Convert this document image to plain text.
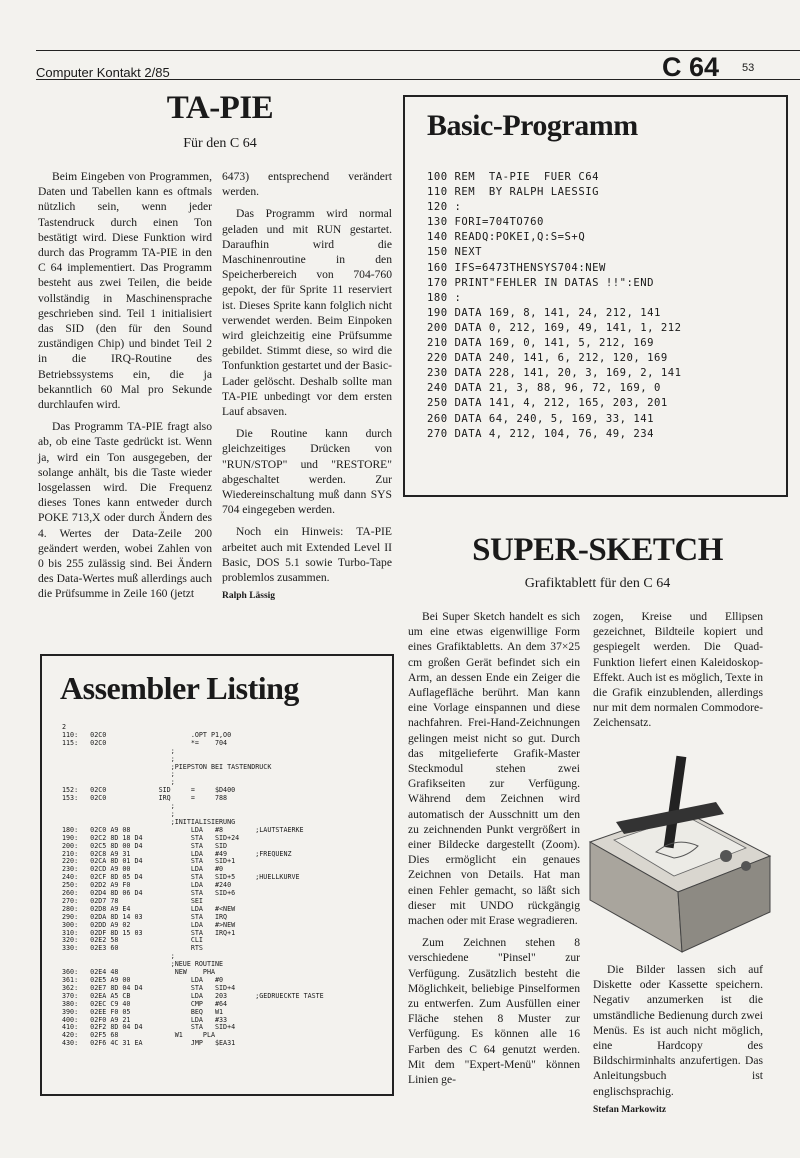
Computer Kontakt 2/85	C 64 53
TA-PIE
Für den C 64

Beim Eingeben von Programmen, Daten und Tabellen kann es oftmals nützlich sein, wenn jeder Tastendruck durch einen Ton bestätigt wird. Diese Funktion wird durch das Programm TA-PIE in den C 64 implementiert. Das Programm besteht aus zwei Teilen, die beide vollständig in Maschinensprache geschrieben sind. Teil 1 initialisiert das SID (den für den Sound zuständigen Chip) und bindet Teil 2 in die IRQ-Routine des Betriebssystems ein, die ja bekanntlich 60 Mal pro Sekunde durchlaufen wird.

Das Programm TA-PIE fragt also ab, ob eine Taste gedrückt ist. Wenn ja, wird ein Ton ausgegeben, der solange anhält, bis die Taste wieder losgelassen wird. Die Frequenz dieses Tones kann entweder durch POKE 713,X oder durch Ändern des 4. Wertes der Data-Zeile 200 geändert werden, wobei Zahlen von 0 bis 255 zulässig sind. Bei Ändern des Data-Wertes muß allerdings auch die Prüfsumme in Zeile 160 (jetzt

6473) entsprechend verändert werden.

Das Programm wird normal geladen und mit RUN gestartet. Daraufhin wird die Maschinenroutine in den Speicherbereich von 704-760 gepokt, der für Sprite 11 reserviert ist. Dieses Sprite kann folglich nicht verwendet werden. Beim Einpoken wird gleichzeitig eine Prüfsumme gebildet. Stimmt diese, so wird die Tonfunktion gestartet und der Basic-Lader gelöscht. Deshalb sollte man TA-PIE unbedingt vor dem ersten Lauf absaven.

Die Routine kann durch gleichzeitiges Drücken von "RUN/STOP" und "RESTORE" abgeschaltet werden. Zur Wiedereinschaltung muß dann SYS 704 eingegeben werden.

Noch ein Hinweis: TA-PIE arbeitet auch mit Extended Level II Basic, DOS 5.1 sowie Turbo-Tape problemlos zusammen.

Ralph Lässig

Basic-Programm
100 REM  TA-PIE  FUER C64
110 REM  BY RALPH LAESSIG
120 :
130 FORI=704TO760
140 READQ:POKEI,Q:S=S+Q
150 NEXT
160 IFS=6473THENSYS704:NEW
170 PRINT"FEHLER IN DATAS !!":END
180 :
190 DATA 169, 8, 141, 24, 212, 141
200 DATA 0, 212, 169, 49, 141, 1, 212
210 DATA 169, 0, 141, 5, 212, 169
220 DATA 240, 141, 6, 212, 120, 169
230 DATA 228, 141, 20, 3, 169, 2, 141
240 DATA 21, 3, 88, 96, 72, 169, 0
250 DATA 141, 4, 212, 165, 203, 201
260 DATA 64, 240, 5, 169, 33, 141
270 DATA 4, 212, 104, 76, 49, 234
SUPER-SKETCH
Grafiktablett für den C 64

Bei Super Sketch handelt es sich um eine etwas eigenwillige Form eines Grafiktabletts. An dem 37×25 cm großen Gerät befindet sich ein Arm, an dessen Ende ein Zeiger die Auflagefläche berührt. Man kann eine Vorlage einspannen und diese nachfahren. Frei-Hand-Zeichnungen gelingen meist nicht so gut. Durch das mitgelieferte Grafik-Master Steckmodul stehen zwei Grafikseiten zur Verfügung. Während dem Zeichnen wird automatisch der Ausschnitt um den zu zeichnenden Punkt vergrößert in einer Bildecke dargestellt (Zoom). Dies ermöglicht ein genaues Zeichnen von Details. Hat man einen Fehler gemacht, so läßt sich dieser mit UNDO rückgängig machen oder mit Erase wegradieren.

Zum Zeichnen stehen 8 verschiedene "Pinsel" zur Verfügung. Zusätzlich besteht die Möglichkeit, beliebige Pinselformen zu entwerfen. Zum Ausfüllen einer Fläche stehen 8 Muster zur Verfügung. Es können alle 16 Farben des C 64 genutzt werden. Mit dem "Expert-Menü" können Linien ge-

zogen, Kreise und Ellipsen gezeichnet, Bildteile kopiert und gespiegelt werden. Die Quad-Funktion liefert einen Kaleidoskop-Effekt. Auch ist es möglich, Texte in die Grafik einzublenden, allerdings nur mit dem normalen Commodore-Zeichensatz.

Die Bilder lassen sich auf Diskette oder Kassette speichern. Negativ anzumerken ist die umständliche Bedienung durch zwei Menüs. Es ist auch nicht möglich, eine Hardcopy des Bildschirminhalts anzufertigen. Das Anleitungsbuch ist englischsprachig.

Stefan Markowitz

Assembler Listing
2
110:   02C0                     .OPT P1,O0
115:   02C0                     *=    704
;
;
;PIEPSTON BEI TASTENDRUCK
;
;
152:   02C0             SID     =     $D400
153:   02C0             IRQ     =     788
;
;
;INITIALISIERUNG
180:   02C0 A9 08               LDA   #8        ;LAUTSTAERKE
190:   02C2 8D 18 D4            STA   SID+24
200:   02C5 8D 00 D4            STA   SID
210:   02C8 A9 31               LDA   #49       ;FREQUENZ
220:   02CA 8D 01 D4            STA   SID+1
230:   02CD A9 00               LDA   #0
240:   02CF 8D 05 D4            STA   SID+5     ;HUELLKURVE
250:   02D2 A9 F0               LDA   #240
260:   02D4 8D 06 D4            STA   SID+6
270:   02D7 78                  SEI
280:   02D8 A9 E4               LDA   #<NEW
290:   02DA 8D 14 03            STA   IRQ
300:   02DD A9 02               LDA   #>NEW
310:   02DF 8D 15 03            STA   IRQ+1
320:   02E2 58                  CLI
330:   02E3 60                  RTS
;
;NEUE ROUTINE
360:   02E4 48              NEW    PHA
361:   02E5 A9 00               LDA   #0
362:   02E7 8D 04 D4            STA   SID+4
370:   02EA A5 CB               LDA   203       ;GEDRUECKTE TASTE
380:   02EC C9 40               CMP   #64
390:   02EE F0 05               BEQ   W1
400:   02F0 A9 21               LDA   #33
410:   02F2 8D 04 D4            STA   SID+4
420:   02F5 68              W1     PLA
430:   02F6 4C 31 EA            JMP   $EA31
